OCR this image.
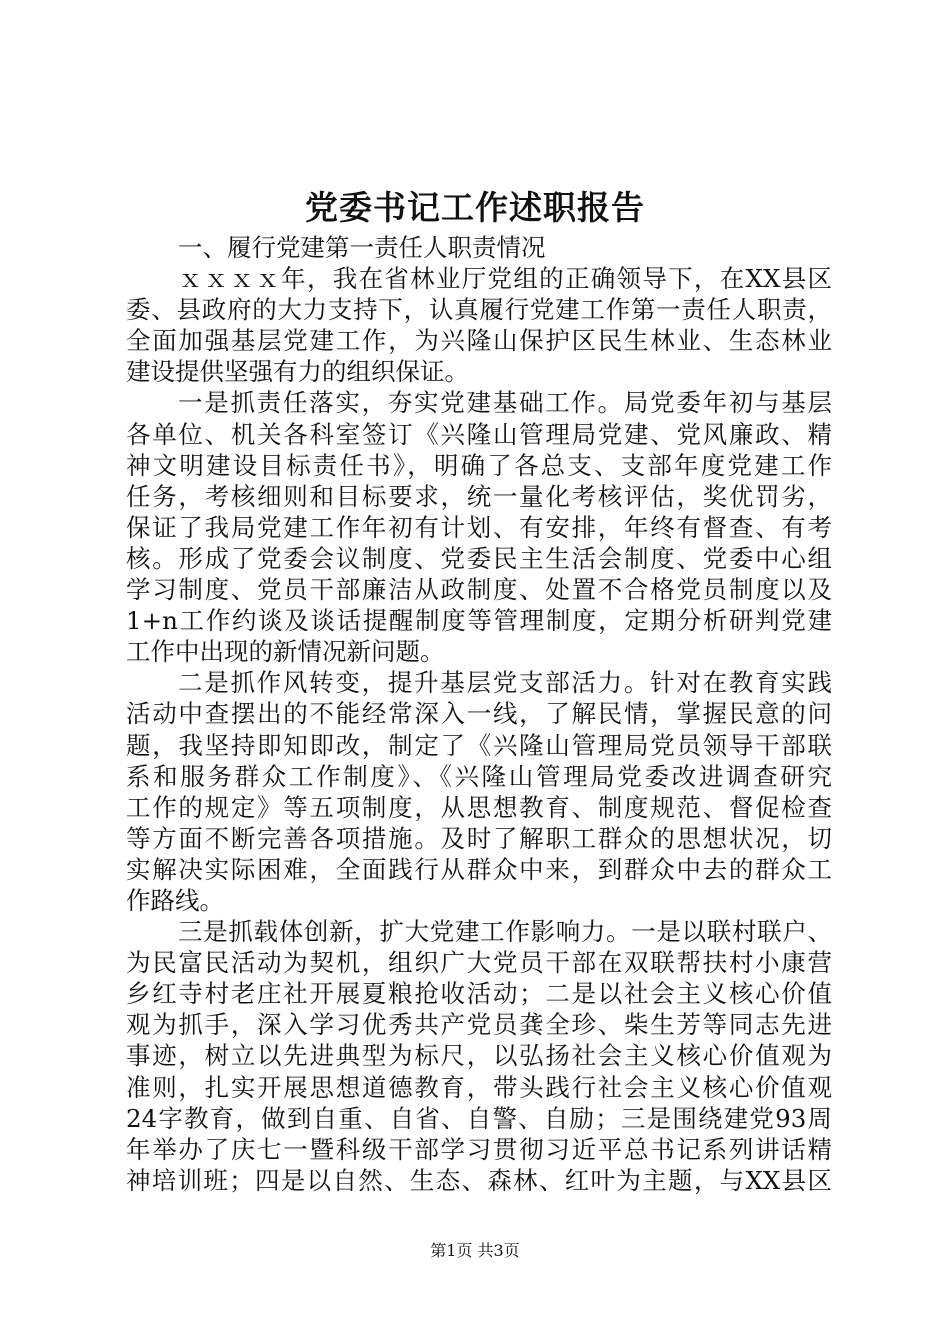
党委书记工作述职报告
一、履行党建第一责任人职责情况
ｘｘｘｘ年，我在省林业厅党组的正确领导下，在XX县区
委、县政府的大力支持下，认真履行党建工作第一责任人职责，
全面加强基层党建工作，为兴隆山保护区民生林业、生态林业
建设提供坚强有力的组织保证。
一是抓责任落实，夯实党建基础工作。局党委年初与基层
各单位、机关各科室签订《兴隆山管理局党建、党风廉政、精
神文明建设目标责任书》，明确了各总支、支部年度党建工作
任务，考核细则和目标要求，统一量化考核评估，奖优罚劣，
保证了我局党建工作年初有计划、有安排，年终有督查、有考
核。形成了党委会议制度、党委民主生活会制度、党委中心组
学习制度、党员干部廉洁从政制度、处置不合格党员制度以及
1+n工作约谈及谈话提醒制度等管理制度，定期分析研判党建
工作中出现的新情况新问题。
二是抓作风转变，提升基层党支部活力。针对在教育实践
活动中查摆出的不能经常深入一线，了解民情，掌握民意的问
题，我坚持即知即改，制定了《兴隆山管理局党员领导干部联
系和服务群众工作制度》、《兴隆山管理局党委改进调查研究
工作的规定》等五项制度，从思想教育、制度规范、督促检查
等方面不断完善各项措施。及时了解职工群众的思想状况，切
实解决实际困难，全面践行从群众中来，到群众中去的群众工
作路线。
三是抓载体创新，扩大党建工作影响力。一是以联村联户、
为民富民活动为契机，组织广大党员干部在双联帮扶村小康营
乡红寺村老庄社开展夏粮抢收活动；二是以社会主义核心价值
观为抓手，深入学习优秀共产党员龚全珍、柴生芳等同志先进
事迹，树立以先进典型为标尺，以弘扬社会主义核心价值观为
准则，扎实开展思想道德教育，带头践行社会主义核心价值观
24字教育，做到自重、自省、自警、自励；三是围绕建党93周
年举办了庆七一暨科级干部学习贯彻习近平总书记系列讲话精
神培训班；四是以自然、生态、森林、红叶为主题，与XX县区
第1页 共3页
